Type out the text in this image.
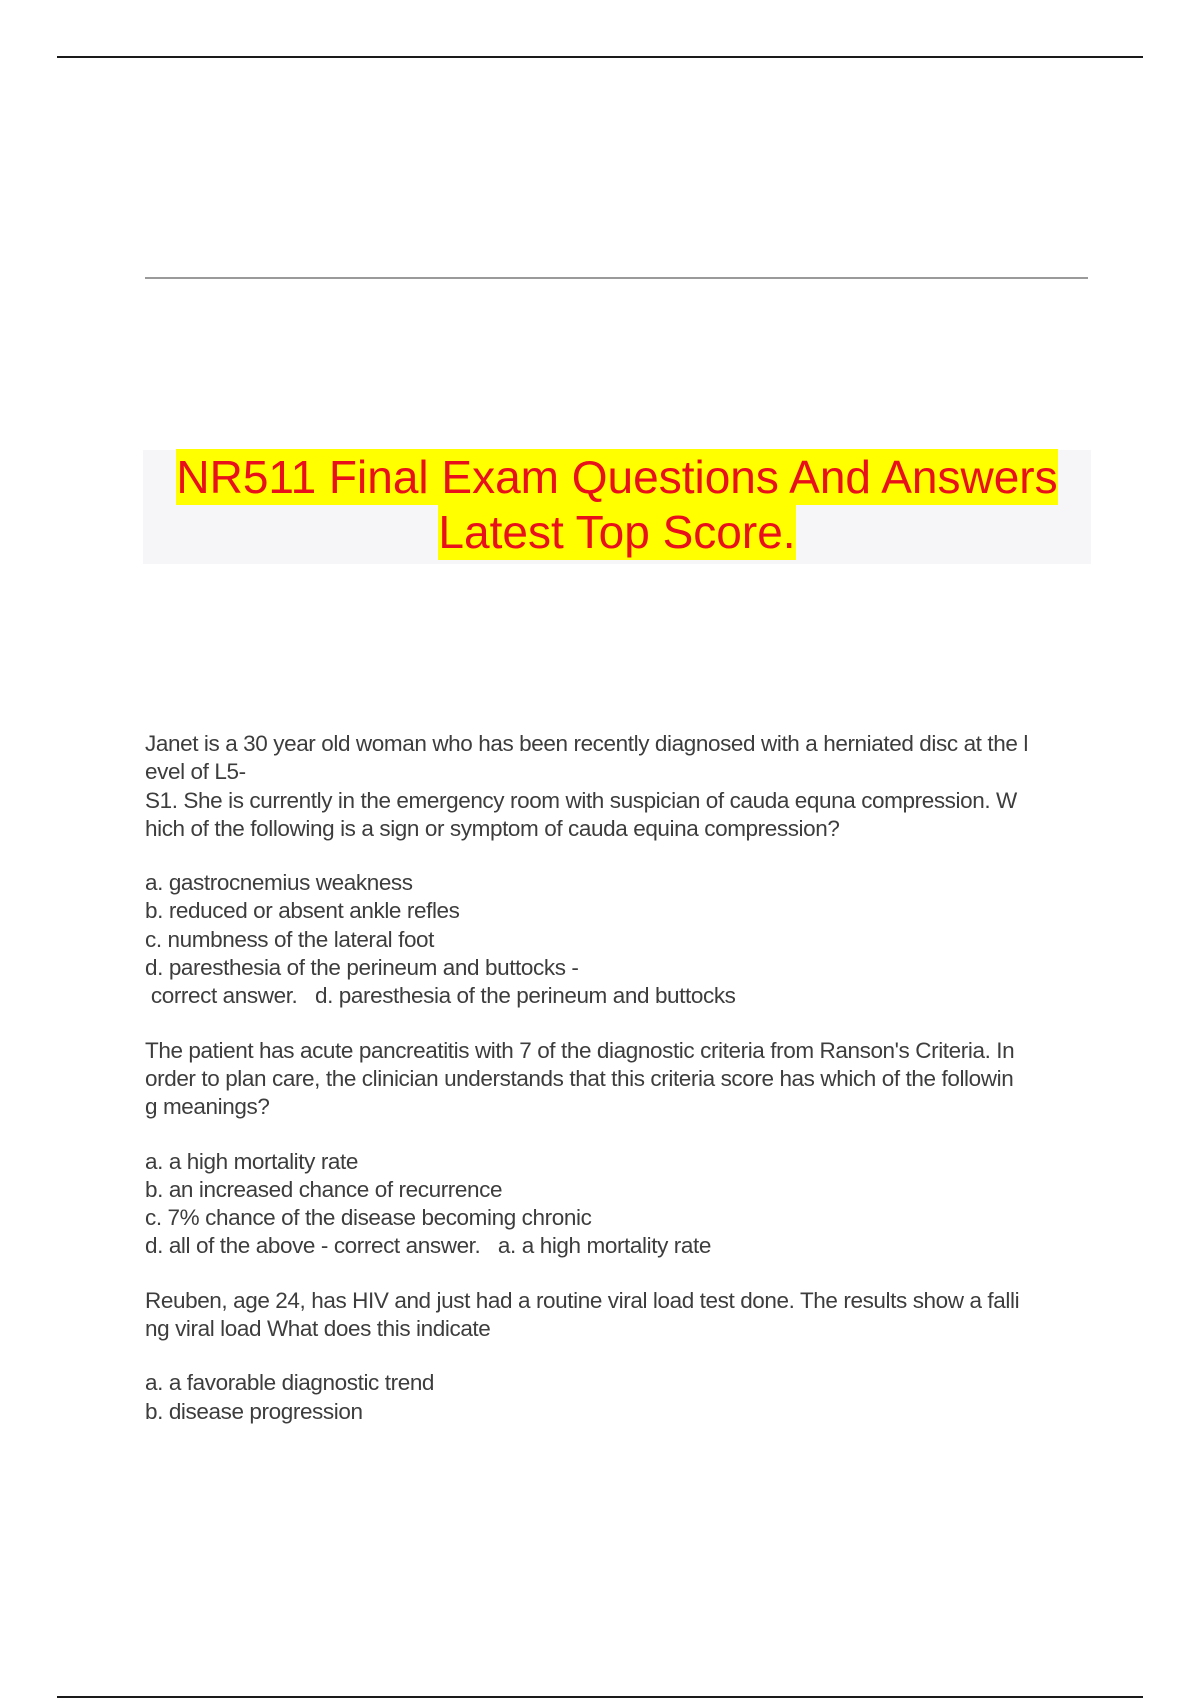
NR511 Final Exam Questions And Answers
Latest Top Score.
Janet is a 30 year old woman who has been recently diagnosed with a herniated disc at the l
evel of L5-
S1. She is currently in the emergency room with suspician of cauda equna compression. W
hich of the following is a sign or symptom of cauda equina compression?
a. gastrocnemius weakness
b. reduced or absent ankle refles
c. numbness of the lateral foot
d. paresthesia of the perineum and buttocks -
correct answer.   d. paresthesia of the perineum and buttocks
The patient has acute pancreatitis with 7 of the diagnostic criteria from Ranson's Criteria. In
order to plan care, the clinician understands that this criteria score has which of the followin
g meanings?
a. a high mortality rate
b. an increased chance of recurrence
c. 7% chance of the disease becoming chronic
d. all of the above - correct answer.   a. a high mortality rate
Reuben, age 24, has HIV and just had a routine viral load test done. The results show a falli
ng viral load What does this indicate
a. a favorable diagnostic trend
b. disease progression
